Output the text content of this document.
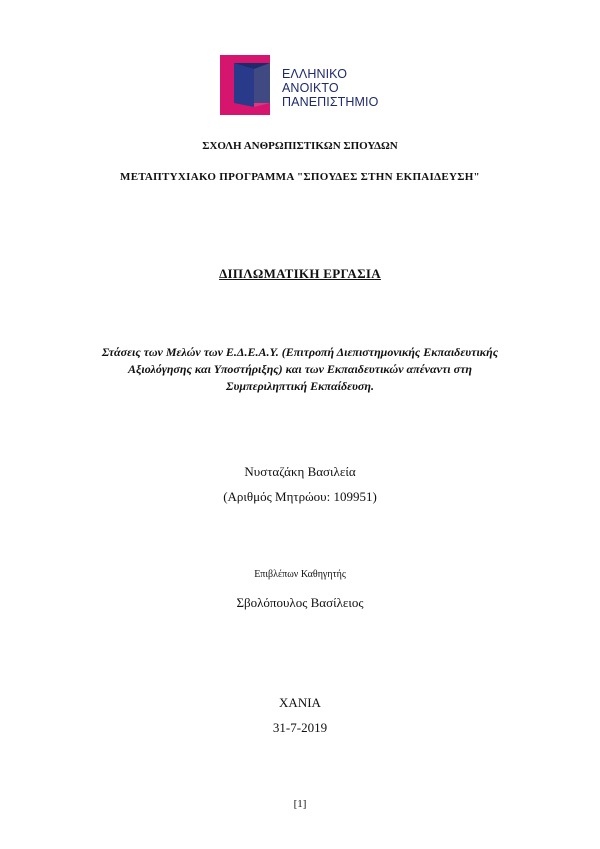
ΕΛΛΗΝΙΚΟ
ΑΝΟΙΚΤΟ
ΠΑΝΕΠΙΣΤΗΜΙΟ
ΣΧΟΛΗ ΑΝΘΡΩΠΙΣΤΙΚΩΝ ΣΠΟΥΔΩΝ
ΜΕΤΑΠΤΥΧΙΑΚΟ ΠΡΟΓΡΑΜΜΑ "ΣΠΟΥΔΕΣ ΣΤΗΝ ΕΚΠΑΙΔΕΥΣΗ"
ΔΙΠΛΩΜΑΤΙΚΗ ΕΡΓΑΣΙΑ
Στάσεις των Μελών των Ε.Δ.Ε.Α.Υ. (Επιτροπή Διεπιστημονικής Εκπαιδευτικής
Αξιολόγησης και Υποστήριξης) και των Εκπαιδευτικών απέναντι στη
Συμπεριληπτική Εκπαίδευση.
Νυσταζάκη Βασιλεία
(Αριθμός Μητρώου: 109951)
Επιβλέπων Καθηγητής
Σβολόπουλος Βασίλειος
ΧΑΝΙΑ
31-7-2019
[1]
